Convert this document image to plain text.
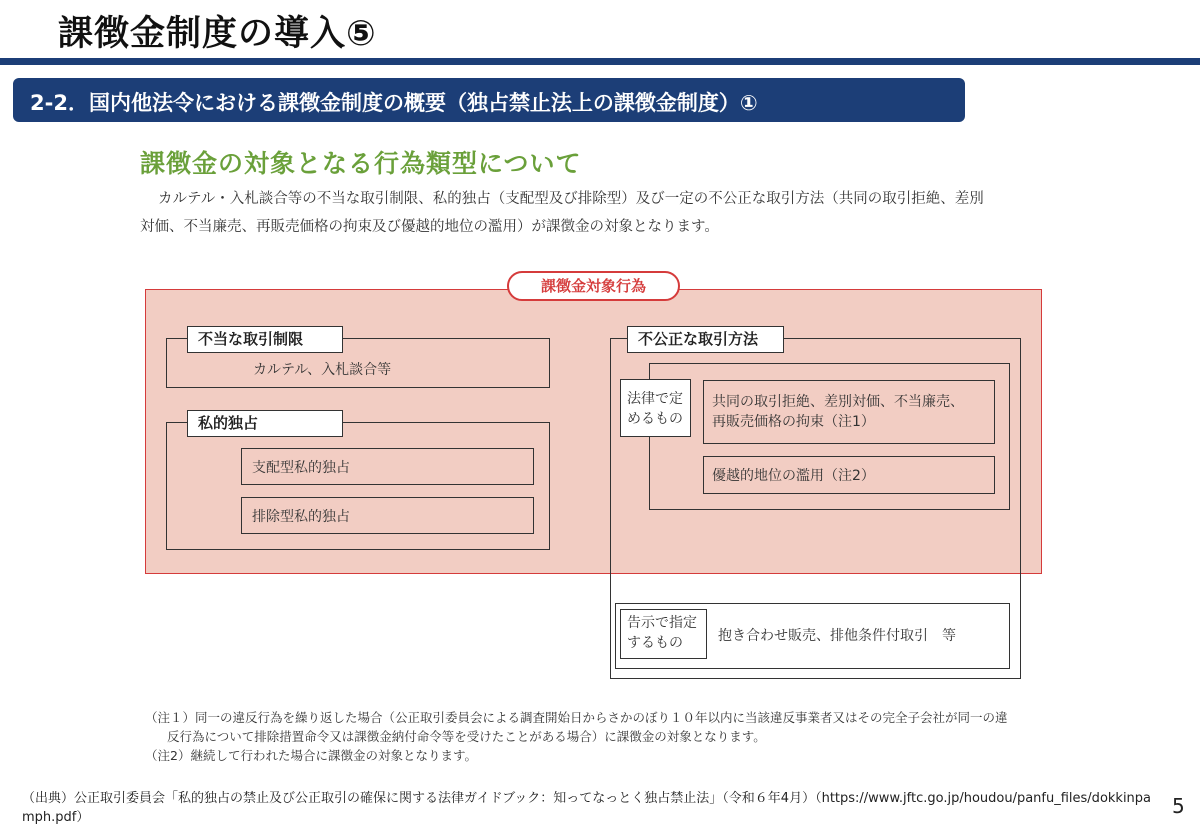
課徴金制度の導入⑤
2-2．国内他法令における課徴金制度の概要（独占禁止法上の課徴金制度）①
課徴金の対象となる行為類型について
カルテル・入札談合等の不当な取引制限、私的独占（支配型及び排除型）及び一定の不公正な取引方法（共同の取引拒絶、差別
対価、不当廉売、再販売価格の拘束及び優越的地位の濫用）が課徴金の対象となります。
課徴金対象行為
不当な取引制限
カルテル、入札談合等
私的独占
支配型私的独占
排除型私的独占
不公正な取引方法
法律で定
めるもの
共同の取引拒絶、差別対価、不当廉売、
再販売価格の拘束（注1）
優越的地位の濫用（注2）
告示で指定
するもの	抱き合わせ販売、排他条件付取引　等
（注１）同一の違反行為を繰り返した場合（公正取引委員会による調査開始日からさかのぼり１０年以内に当該違反事業者又はその完全子会社が同一の違
反行為について排除措置命令又は課徴金納付命令等を受けたことがある場合）に課徴金の対象となります。
（注2）継続して行われた場合に課徴金の対象となります。
（出典）公正取引委員会「私的独占の禁止及び公正取引の確保に関する法律ガイドブック：知ってなっとく独占禁止法」（令和６年4月）（https://www.jftc.go.jp/houdou/panfu_files/dokkinpamph.pdf）	5
